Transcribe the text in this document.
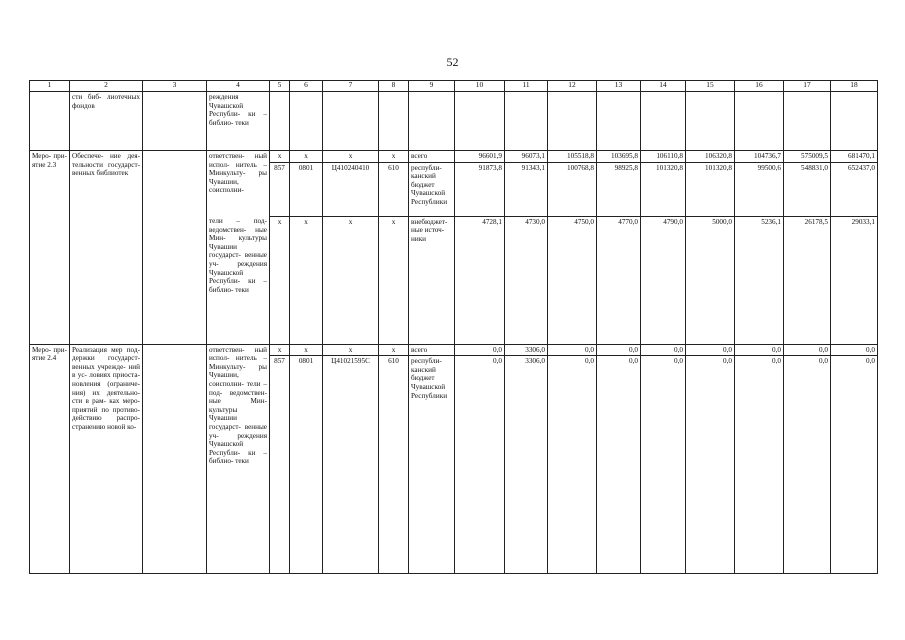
52
1	2	3	4	5	6	7	8	9	10	11	12	13	14	15	16	17	18
	сти биб- лиотечных фондов		реждения Чувашской Республи- ки – библио- теки														
Меро- при- ятие 2.3	Обеспече- ние дея- тельности государст- венных библиотек		ответствен- ный испол- нитель – Минкульту- ры Чувашии, соисполни-	x	x	x	x	всего	96601,9	96073,1	105518,8	103695,8	106110,8	106320,8	104736,7	575009,5	681470,1
				857	0801	Ц410240410	610	республи- канский бюджет Чувашской Республики	91873,8	91343,1	100768,8	98925,8	101320,8	101320,8	99500,6	548831,0	652437,0
			тели – под- ведомствен- ные Мин- культуры Чувашии государст- венные уч- реждения Чувашской Республи- ки – библио- теки	x	x	x	x	внебюджет- ные источ- ники	4728,1	4730,0	4750,0	4770,0	4790,0	5000,0	5236,1	26178,5	29033,1
Меро- при- ятие 2.4	Реализация мер под- держки государст- венных учрежде- ний в ус- ловиях приоста- новления (ограниче- ния) их деятельно- сти в рам- ках меро- приятий по противо- действию распро- странению новой ко-		ответствен- ный испол- нитель – Минкульту- ры Чувашии, соисполни- тели – под- ведомствен- ные Мин- культуры Чувашии государст- венные уч- реждения Чувашской Республи- ки – библио- теки	x	x	x	x	всего	0,0	3306,0	0,0	0,0	0,0	0,0	0,0	0,0	0,0
				857	0801	Ц41021595С	610	республи- канский бюджет Чувашской Республики	0,0	3306,0	0,0	0,0	0,0	0,0	0,0	0,0	0,0
